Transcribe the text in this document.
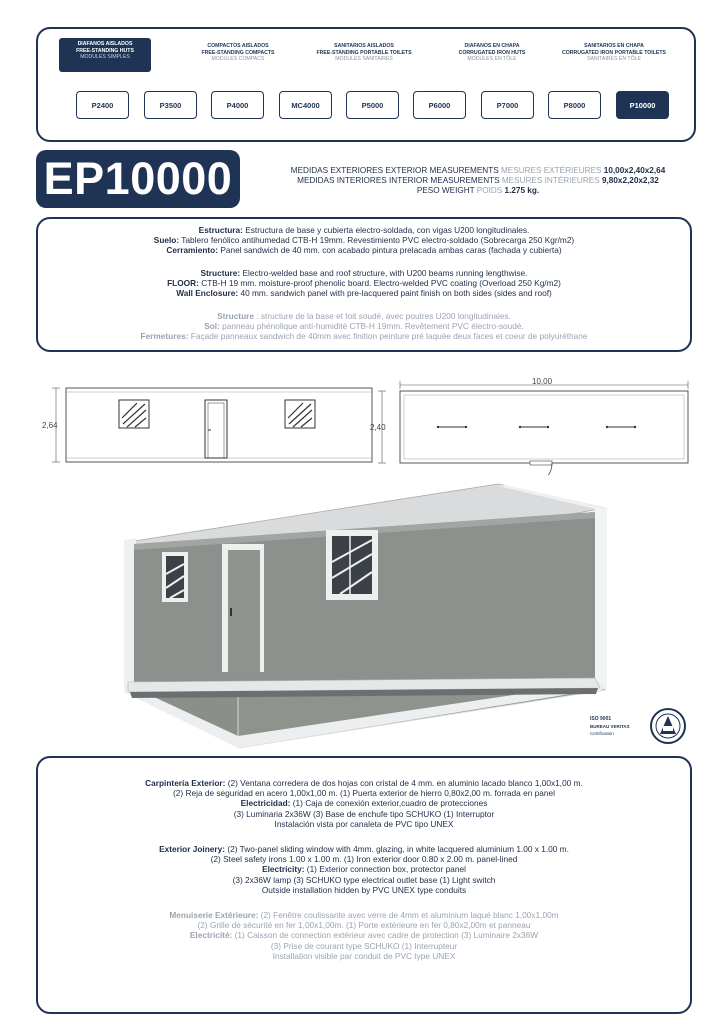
DIAFANOS AISLADOS
FREE-STANDING HUTS
MODULES SIMPLES
COMPACTOS AISLADOS
FREE-STANDING COMPACTS
MODULES COMPACS
SANITARIOS AISLADOS
FREE-STANDING PORTABLE TOILETS
MODULES SANITAIRES
DIAFANOS EN CHAPA
CORRUGATED IRON HUTS
MODULES EN TÔLE
SANITARIOS EN CHAPA
CORRUGATED IRON PORTABLE TOILETS
SANITAIRES EN TÔLE
P2400	P3500	P4000	MC4000	P5000	P6000	P7000	P8000	P10000
EP10000	MEDIDAS EXTERIORES EXTERIOR MEASUREMENTS MESURES EXTÉRIEURES 10,00x2,40x2,64
MEDIDAS INTERIORES INTERIOR MEASUREMENTS MESURES INTÉRIEURES 9,80x2,20x2,32
PESO WEIGHT POIDS 1.275 kg.
Estructura: Estructura de base y cubierta electro-soldada, con vigas U200 longitudinales.
Suelo: Tablero fenólico antihumedad CTB-H 19mm. Revestimiento PVC electro-soldado (Sobrecarga 250 Kgr/m2)
Cerramiento: Panel sandwich de 40 mm. con acabado pintura prelacada ambas caras (fachada y cubierta)
Structure: Electro-welded base and roof structure, with U200 beams running lengthwise.
FLOOR: CTB-H 19 mm. moisture-proof phenolic board. Electro-welded PVC coating (Overload 250 Kg/m2)
Wall Enclosure: 40 mm. sandwich panel with pre-lacquered paint finish on both sides (sides and roof)
Structure : structure de la base et toit soudé, avec poutres U200 longitudinales.
Sol: panneau phénolique anti-humidité CTB-H 19mm. Revêtement PVC électro-soudé.
Fermetures: Façade panneaux sandwich de 40mm avec finition peinture pré laquée deux faces et coeur de polyuréthane
2,64
10,00
2,40
ISO 9001
BUREAU VERITAS
Certification
Carpintería Exterior: (2) Ventana corredera de dos hojas con cristal de 4 mm. en aluminio lacado blanco 1,00x1,00 m.
(2) Reja de seguridad en acero 1,00x1,00 m. (1) Puerta exterior de hierro 0,80x2,00 m. forrada en panel
Electricidad: (1) Caja de conexión exterior,cuadro de protecciones
(3) Luminaria 2x36W (3) Base de enchufe tipo SCHUKO (1) Interruptor
Instalación vista por canaleta de PVC tipo UNEX
Exterior Joinery: (2) Two-panel sliding window with 4mm. glazing, in white lacquered aluminium 1.00 x 1.00 m.
(2) Steel safety irons 1.00 x 1.00 m. (1) Iron exterior door 0.80 x 2.00 m. panel-lined
Electricity: (1) Exterior connection box, protector panel
(3) 2x36W lamp (3) SCHUKO type electrical outlet base (1) Light switch
Outside installation hidden by PVC UNEX type conduits
Menuiserie Extérieure: (2) Fenêtre coulissante avec verre de 4mm et aluminium laqué blanc 1,00x1,00m
(2) Grille de sécurité en fer 1,00x1,00m. (1) Porte extérieure en fer 0,80x2,00m et panneau
Electricité: (1) Caisson de connection extérieur avec cadre de protection (3) Luminaire 2x36W
(3) Prise de courant type SCHUKO (1) Interrupteur
Installation visible par conduit de PVC type UNEX
